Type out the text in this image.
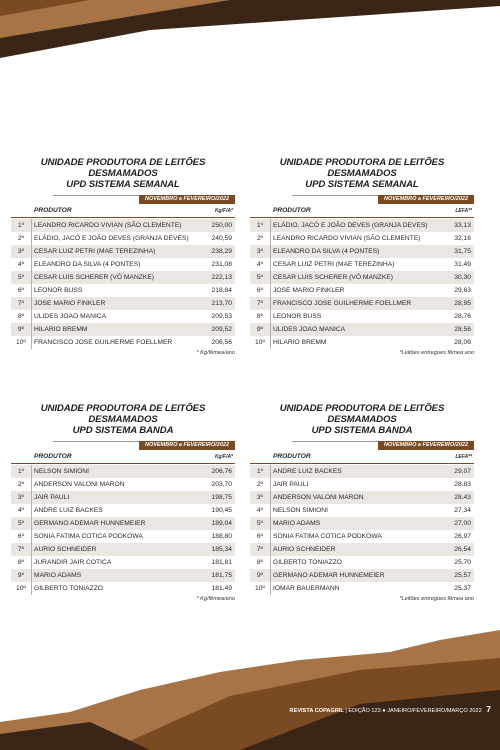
UNIDADE PRODUTORA DE LEITÕES DESMAMADOS
UPD SISTEMA SEMANAL
NOVEMBRO a FEVEREIRO/2022
PRODUTOR	Kg/F/A*
1º	LEANDRO RICARDO VIVIAN (SÃO CLEMENTE)	250,00
2º	ELÁDIO, JACÓ E JOÃO DEVES (GRANJA DEVES)	240,59
3º	CESAR LUIZ PETRI (MAE TEREZINHA)	238,29
4º	ELEANDRO DA SILVA (4 PONTES)	231,08
5º	CESAR LUIS SCHERER (VÔ MANZKE)	222,13
6º	LEONOR BUSS	218,84
7º	JOSE MARIO FINKLER	213,70
8º	ULIDES JOAO MANICA	209,53
9º	HILARIO BREMM	209,52
10º	FRANCISCO JOSE GUILHERME FOELLMER	206,56
* Kg/fêmea/ano
UNIDADE PRODUTORA DE LEITÕES DESMAMADOS
UPD SISTEMA SEMANAL
NOVEMBRO a FEVEREIRO/2022
PRODUTOR	LEFA**
1º	ELÁDIO, JACÓ E JOÃO DEVES (GRANJA DEVES)	33,13
2º	LEANDRO RICARDO VIVIAN (SÃO CLEMENTE)	32,16
3º	ELEANDRO DA SILVA (4 PONTES)	31,75
4º	CESAR LUIZ PETRI (MAE TEREZINHA)	31,49
5º	CESAR LUIS SCHERER (VÔ MANZKE)	30,30
6º	JOSE MARIO FINKLER	29,63
7º	FRANCISCO JOSE GUILHERME FOELLMER	28,95
8º	LEONOR BUSS	28,76
9º	ULIDES JOAO MANICA	28,56
10º	HILARIO BREMM	28,06
*Leitões entregues fêmea ano
UNIDADE PRODUTORA DE LEITÕES DESMAMADOS
UPD SISTEMA BANDA
NOVEMBRO a FEVEREIRO/2022
PRODUTOR	Kg/F/A*
1º	NELSON SIMIONI	206,76
2º	ANDERSON VALONI MARON	203,70
3º	JAIR PAULI	198,75
4º	ANDRE LUIZ BACKES	190,45
5º	GERMANO ADEMAR HUNNEMEIER	189,04
6º	SONIA FATIMA COTICA PODKOWA	188,80
7º	AURIO SCHNEIDER	185,34
8º	JURANDIR JAIR COTICA	181,81
9º	MARIO ADAMS	181,75
10º	GILBERTO TONIAZZO	181,49
* Kg/fêmea/ano
UNIDADE PRODUTORA DE LEITÕES DESMAMADOS
UPD SISTEMA BANDA
NOVEMBRO a FEVEREIRO/2022
PRODUTOR	LEFA**
1º	ANDRE LUIZ BACKES	29,07
2º	JAIR PAULI	28,83
3º	ANDERSON VALONI MARON	28,43
4º	NELSON SIMIONI	27,34
5º	MARIO ADAMS	27,00
6º	SONIA FATIMA COTICA PODKOWA	26,97
7º	AURIO SCHNEIDER	26,54
8º	GILBERTO TONIAZZO	25,70
9º	GERMANO ADEMAR HUNNEMEIER	25,57
10º	IOMAR BAUERMANN	25,37
*Leitões entregues fêmea ano
REVISTA COPAGRIL | EDIÇÃO 123 ● JANEIRO/FEVEREIRO/MARÇO 2022 7
